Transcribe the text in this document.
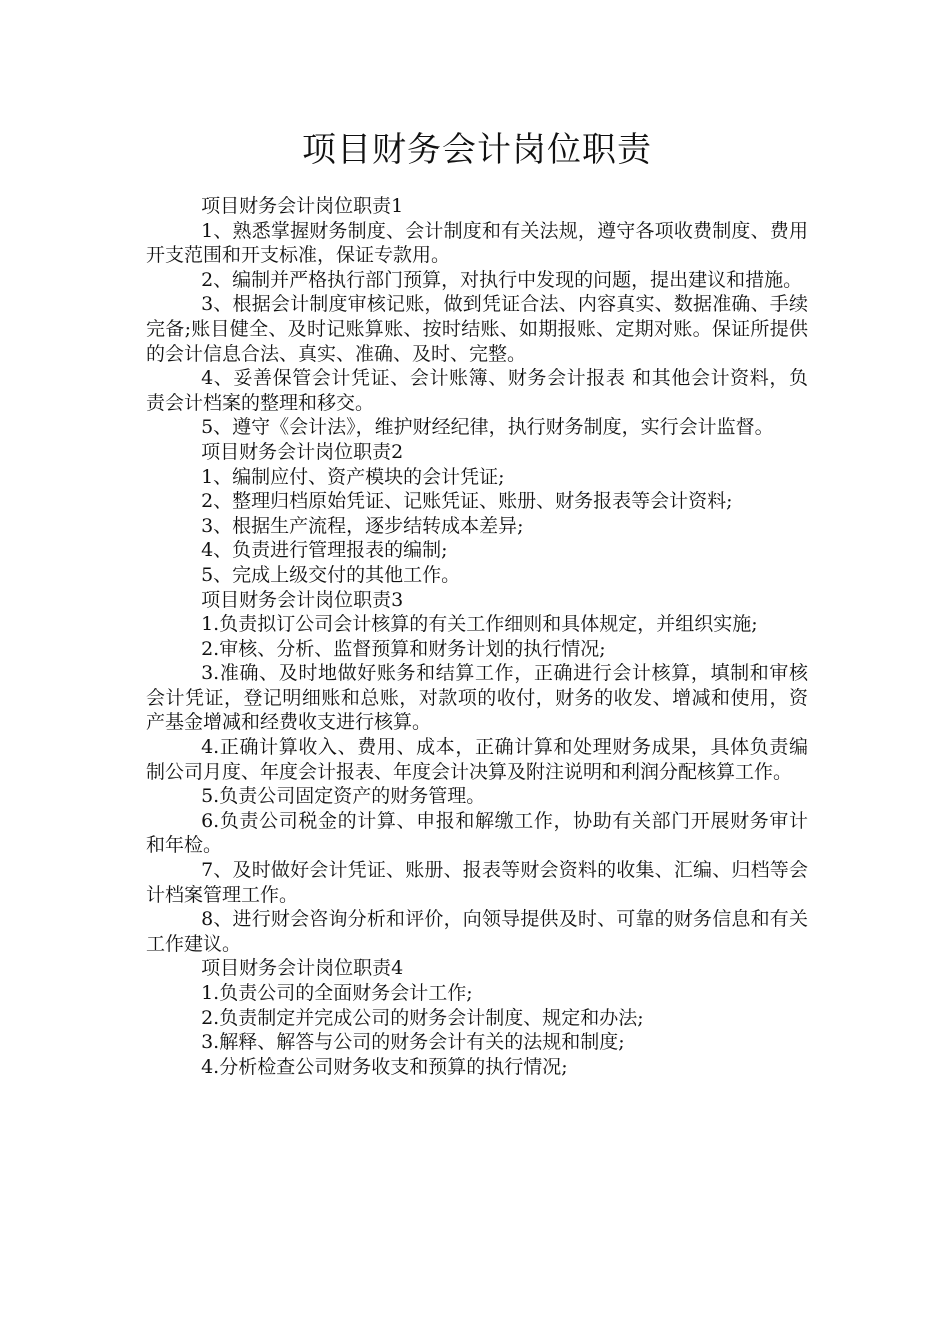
项目财务会计岗位职责

项目财务会计岗位职责1

1、熟悉掌握财务制度、会计制度和有关法规，遵守各项收费制度、费用开支范围和开支标准，保证专款用。

2、编制并严格执行部门预算，对执行中发现的问题，提出建议和措施。

3、根据会计制度审核记账，做到凭证合法、内容真实、数据准确、手续完备;账目健全、及时记账算账、按时结账、如期报账、定期对账。保证所提供的会计信息合法、真实、准确、及时、完整。

4、妥善保管会计凭证、会计账簿、财务会计报表 和其他会计资料，负责会计档案的整理和移交。

5、遵守《会计法》，维护财经纪律，执行财务制度，实行会计监督。

项目财务会计岗位职责2

1、编制应付、资产模块的会计凭证;

2、整理归档原始凭证、记账凭证、账册、财务报表等会计资料;

3、根据生产流程，逐步结转成本差异;

4、负责进行管理报表的编制;

5、完成上级交付的其他工作。

项目财务会计岗位职责3

1.负责拟订公司会计核算的有关工作细则和具体规定，并组织实施;

2.审核、分析、监督预算和财务计划的执行情况;

3.准确、及时地做好账务和结算工作，正确进行会计核算，填制和审核会计凭证，登记明细账和总账，对款项的收付，财务的收发、增减和使用，资产基金增减和经费收支进行核算。

4.正确计算收入、费用、成本，正确计算和处理财务成果，具体负责编制公司月度、年度会计报表、年度会计决算及附注说明和利润分配核算工作。

5.负责公司固定资产的财务管理。

6.负责公司税金的计算、申报和解缴工作，协助有关部门开展财务审计和年检。

7、及时做好会计凭证、账册、报表等财会资料的收集、汇编、归档等会计档案管理工作。

8、进行财会咨询分析和评价，向领导提供及时、可靠的财务信息和有关工作建议。

项目财务会计岗位职责4

1.负责公司的全面财务会计工作;

2.负责制定并完成公司的财务会计制度、规定和办法;

3.解释、解答与公司的财务会计有关的法规和制度;

4.分析检查公司财务收支和预算的执行情况;
